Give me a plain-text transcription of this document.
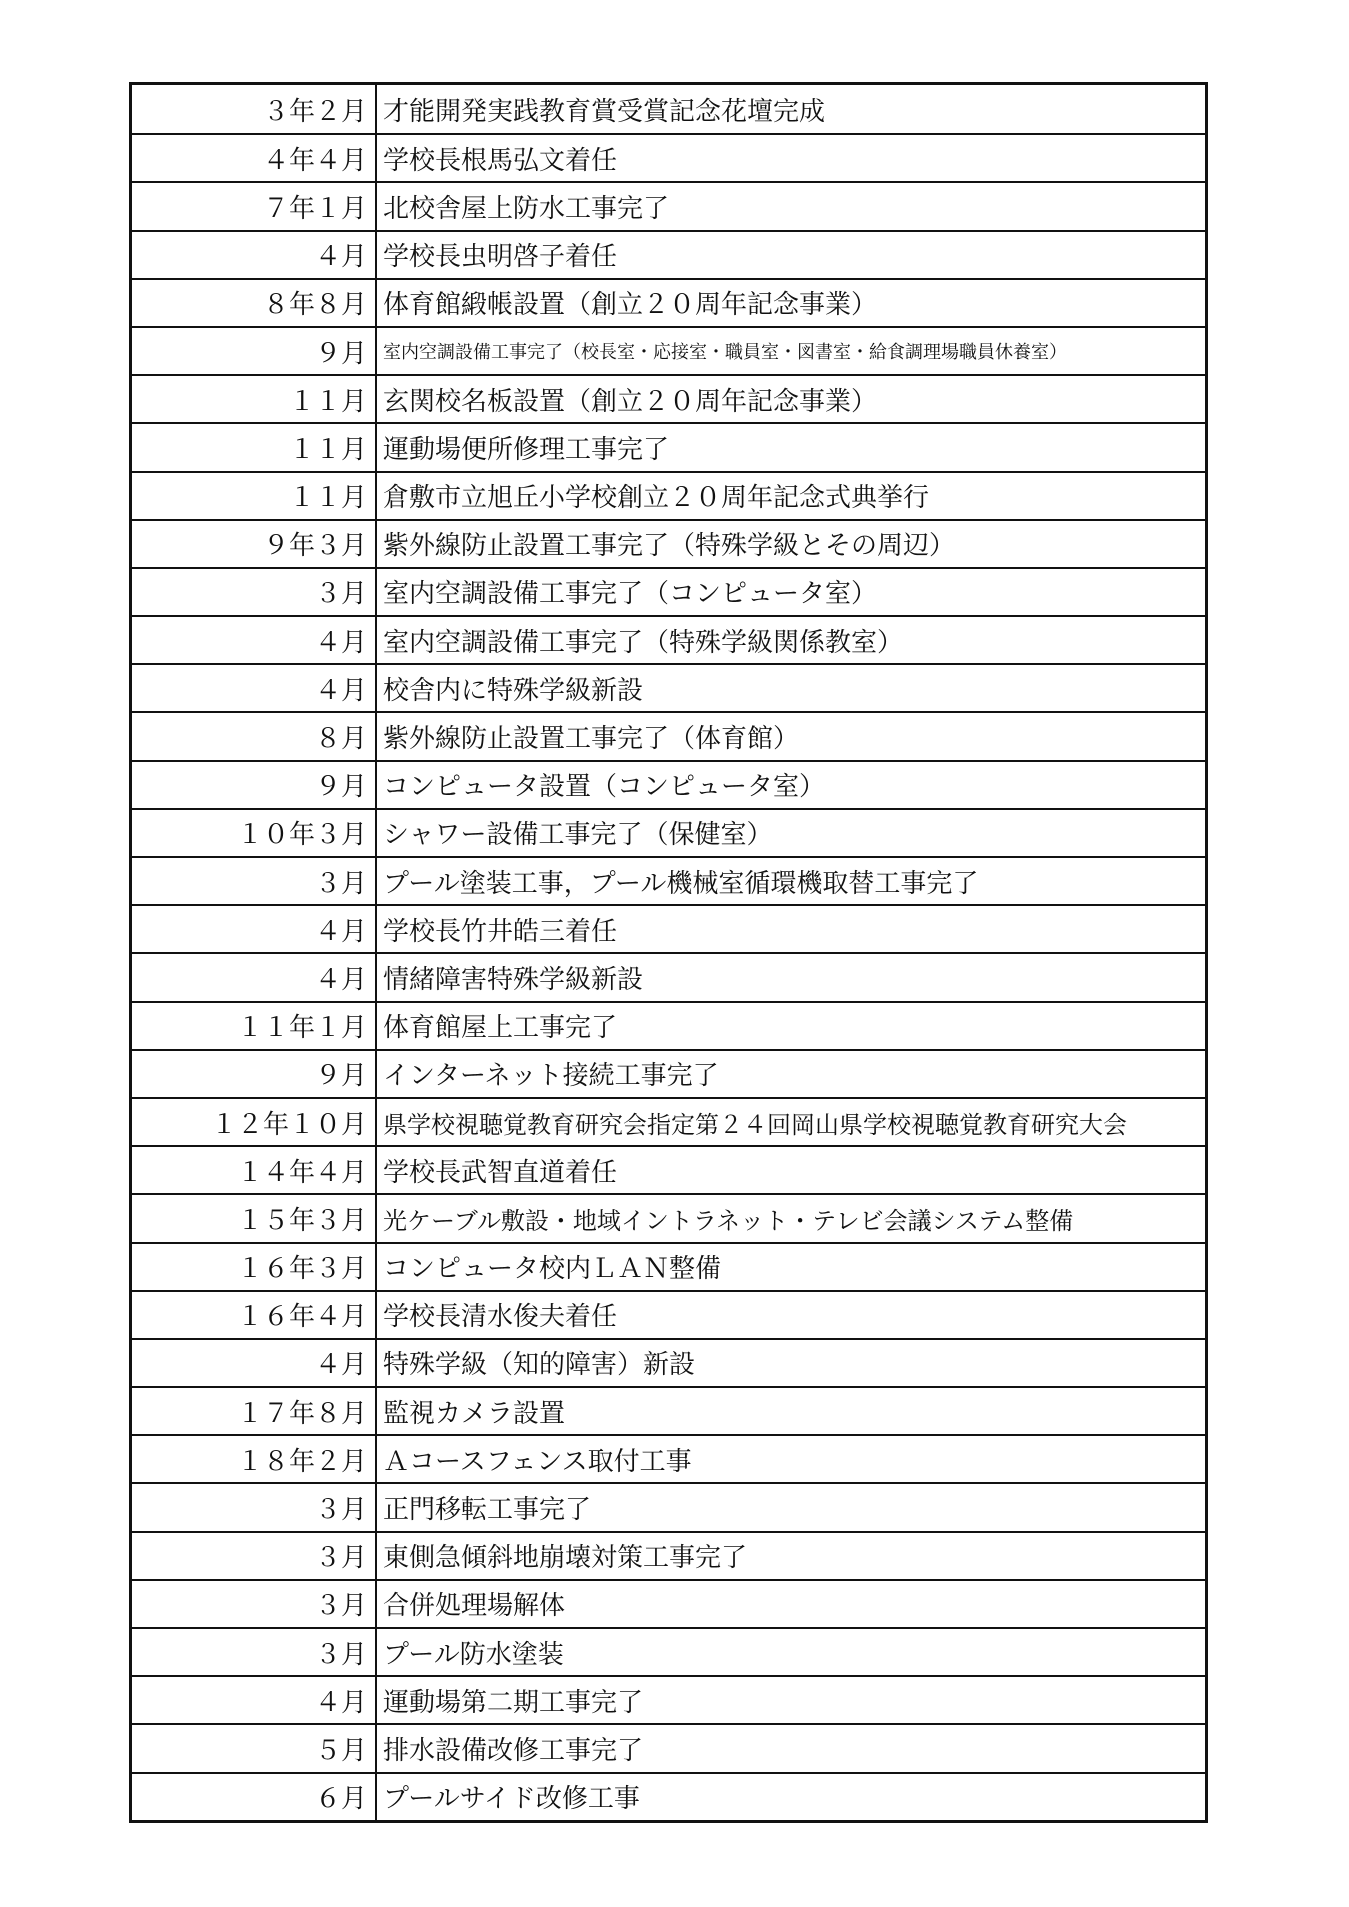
３年２月 才能開発実践教育賞受賞記念花壇完成
４年４月 学校長根馬弘文着任
７年１月 北校舎屋上防水工事完了
４月 学校長虫明啓子着任
８年８月 体育館緞帳設置（創立２０周年記念事業）
９月 室内空調設備工事完了（校長室・応接室・職員室・図書室・給食調理場職員休養室）
１１月 玄関校名板設置（創立２０周年記念事業）
１１月 運動場便所修理工事完了
１１月 倉敷市立旭丘小学校創立２０周年記念式典挙行
９年３月 紫外線防止設置工事完了（特殊学級とその周辺）
３月 室内空調設備工事完了（コンピュータ室）
４月 室内空調設備工事完了（特殊学級関係教室）
４月 校舎内に特殊学級新設
８月 紫外線防止設置工事完了（体育館）
９月 コンピュータ設置（コンピュータ室）
１０年３月 シャワー設備工事完了（保健室）
３月 プール塗装工事，プール機械室循環機取替工事完了
４月 学校長竹井皓三着任
４月 情緒障害特殊学級新設
１１年１月 体育館屋上工事完了
９月 インターネット接続工事完了
１２年１０月 県学校視聴覚教育研究会指定第２４回岡山県学校視聴覚教育研究大会
１４年４月 学校長武智直道着任
１５年３月 光ケーブル敷設・地域イントラネット・テレビ会議システム整備
１６年３月 コンピュータ校内ＬＡＮ整備
１６年４月 学校長清水俊夫着任
４月 特殊学級（知的障害）新設
１７年８月 監視カメラ設置
１８年２月 Ａコースフェンス取付工事
３月 正門移転工事完了
３月 東側急傾斜地崩壊対策工事完了
３月 合併処理場解体
３月 プール防水塗装
４月 運動場第二期工事完了
５月 排水設備改修工事完了
６月 プールサイド改修工事
